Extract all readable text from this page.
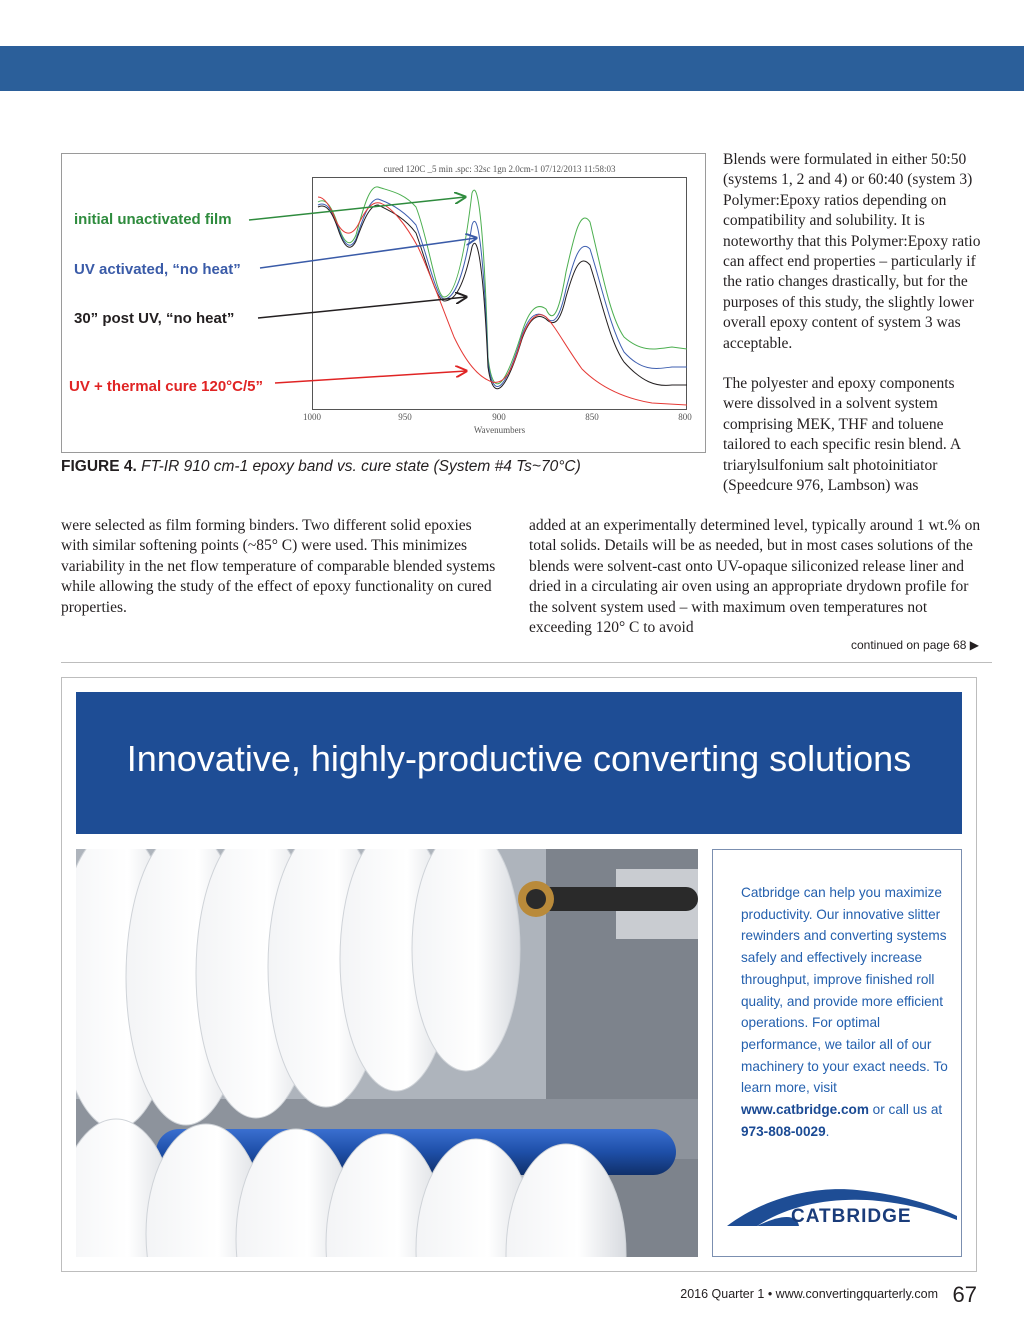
cured 120C _5 min .spc: 32sc 1gn 2.0cm-1 07/12/2013 11:58:03
1000	950	900	850	800
Wavenumbers
initial unactivated film
UV activated, “no heat”
30” post UV, “no heat”
UV + thermal cure 120°C/5”
FIGURE 4. FT-IR 910 cm-1 epoxy band vs. cure state (System #4 Ts~70°C)

Blends were formulated in either 50:50 (systems 1, 2 and 4) or 60:40 (system 3) Polymer:Epoxy ratios depending on compatibility and solubility. It is noteworthy that this Polymer:Epoxy ratio can affect end properties – particularly if the ratio changes drastically, but for the purposes of this study, the slightly lower overall epoxy content of system 3 was acceptable.

The polyester and epoxy components were dissolved in a solvent system comprising MEK, THF and toluene tailored to each specific resin blend. A triarylsulfonium salt photoinitiator (Speedcure 976, Lambson) was

were selected as film forming binders. Two different solid epoxies with similar softening points (~85° C) were used. This minimizes variability in the net flow temperature of comparable blended systems while allowing the study of the effect of epoxy functionality on cured properties.

added at an experimentally determined level, typically around 1 wt.% on total solids. Details will be as needed, but in most cases solutions of the blends were solvent-cast onto UV-opaque siliconized release liner and dried in a circulating air oven using an appropriate drydown profile for the solvent system used – with maximum oven temperatures not exceeding 120° C to avoid

continued on page 68 ▶
Innovative, highly-productive converting solutions
Catbridge can help you maximize productivity. Our innovative slitter rewinders and converting systems safely and effectively increase throughput, improve finished roll quality, and provide more efficient operations. For optimal performance, we tailor all of our machinery to your exact needs. To learn more, visit www.catbridge.com or call us at 973-808-0029.
CATBRIDGE
2016 Quarter 1 • www.convertingquarterly.com 67
